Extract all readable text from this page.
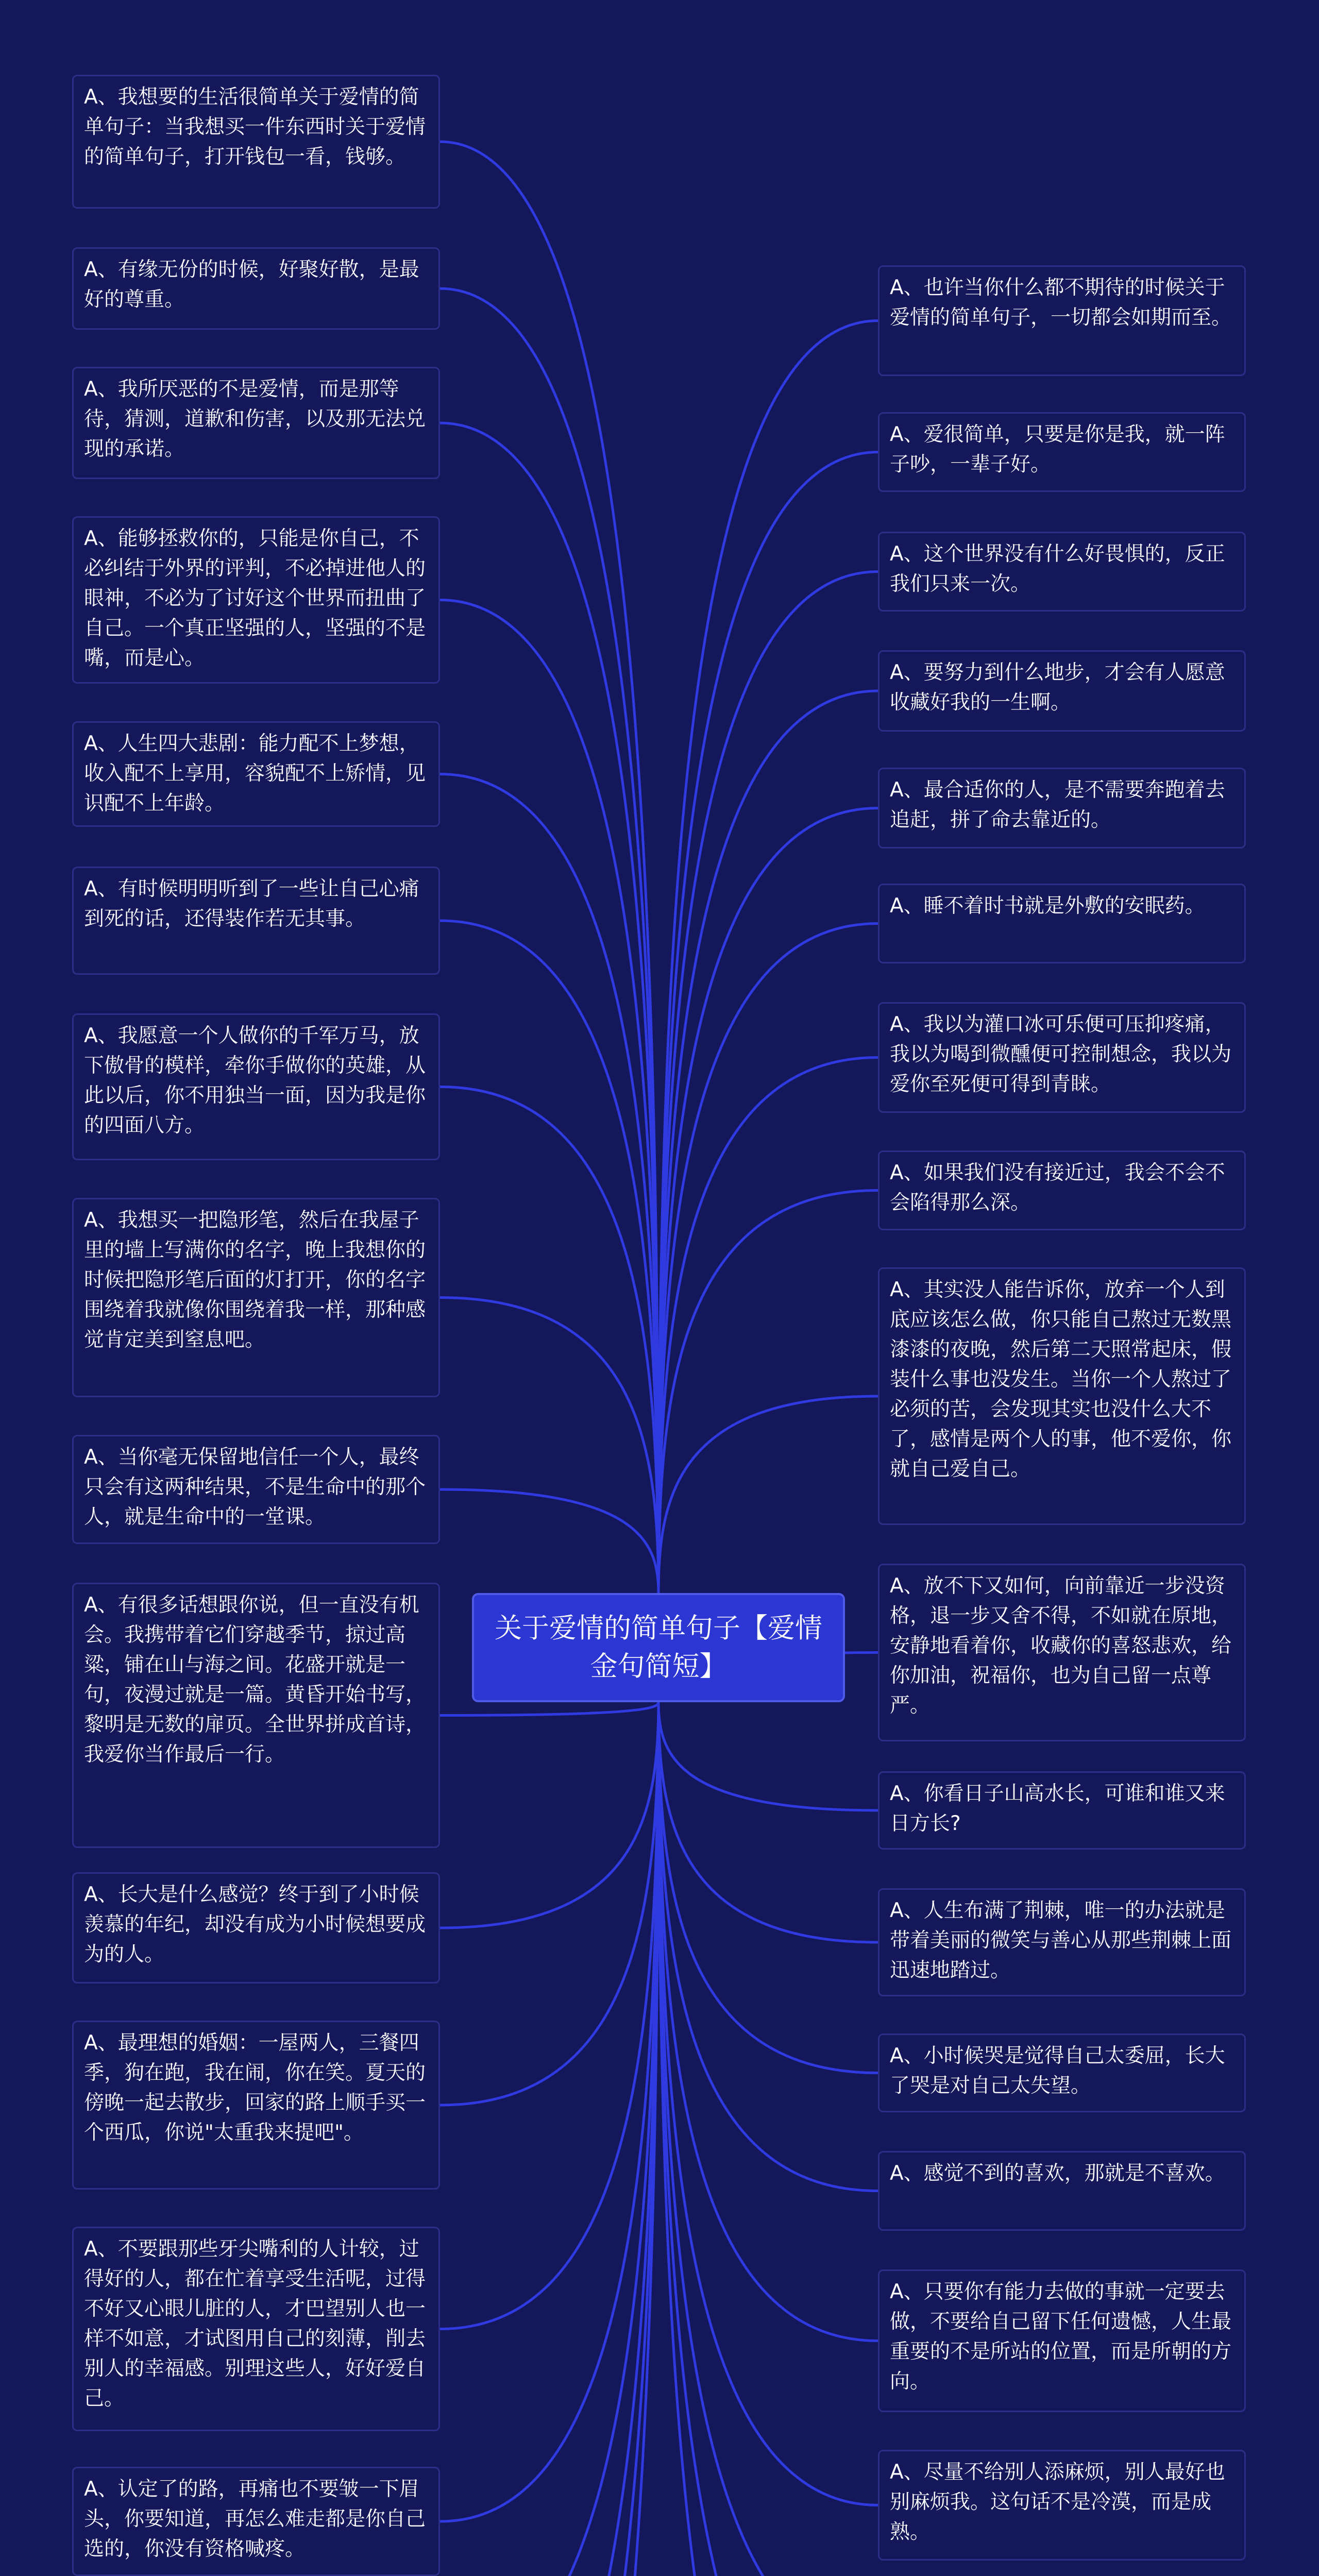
A、我想要的生活很简单关于爱情的简单句子：当我想买一件东西时关于爱情的简单句子，打开钱包一看，钱够。
A、有缘无份的时候，好聚好散，是最好的尊重。
A、我所厌恶的不是爱情，而是那等待，猜测，道歉和伤害，以及那无法兑现的承诺。
A、能够拯救你的，只能是你自己，不必纠结于外界的评判，不必掉进他人的眼神，不必为了讨好这个世界而扭曲了自己。一个真正坚强的人，坚强的不是嘴，而是心。
A、人生四大悲剧：能力配不上梦想，收入配不上享用，容貌配不上矫情，见识配不上年龄。
A、有时候明明听到了一些让自己心痛到死的话，还得装作若无其事。
A、我愿意一个人做你的千军万马，放下傲骨的模样，牵你手做你的英雄，从此以后，你不用独当一面，因为我是你的四面八方。
A、我想买一把隐形笔，然后在我屋子里的墙上写满你的名字，晚上我想你的时候把隐形笔后面的灯打开，你的名字围绕着我就像你围绕着我一样，那种感觉肯定美到窒息吧。
A、当你毫无保留地信任一个人，最终只会有这两种结果，不是生命中的那个人，就是生命中的一堂课。
A、有很多话想跟你说，但一直没有机会。我携带着它们穿越季节，掠过高粱，铺在山与海之间。花盛开就是一句，夜漫过就是一篇。黄昏开始书写，黎明是无数的扉页。全世界拼成首诗，我爱你当作最后一行。
A、长大是什么感觉？终于到了小时候羡慕的年纪，却没有成为小时候想要成为的人。
A、最理想的婚姻：一屋两人，三餐四季，狗在跑，我在闹，你在笑。夏天的傍晚一起去散步，回家的路上顺手买一个西瓜，你说"太重我来提吧"。
A、不要跟那些牙尖嘴利的人计较，过得好的人，都在忙着享受生活呢，过得不好又心眼儿脏的人，才巴望别人也一样不如意，才试图用自己的刻薄，削去别人的幸福感。别理这些人，好好爱自己。
A、认定了的路，再痛也不要皱一下眉头，你要知道，再怎么难走都是你自己选的，你没有资格喊疼。
A、也许当你什么都不期待的时候关于爱情的简单句子，一切都会如期而至。
A、爱很简单，只要是你是我，就一阵子吵，一辈子好。
A、这个世界没有什么好畏惧的，反正我们只来一次。
A、要努力到什么地步，才会有人愿意收藏好我的一生啊。
A、最合适你的人，是不需要奔跑着去追赶，拼了命去靠近的。
A、睡不着时书就是外敷的安眠药。
A、我以为灌口冰可乐便可压抑疼痛，我以为喝到微醺便可控制想念，我以为爱你至死便可得到青睐。
A、如果我们没有接近过，我会不会不会陷得那么深。
A、其实没人能告诉你，放弃一个人到底应该怎么做，你只能自己熬过无数黑漆漆的夜晚，然后第二天照常起床，假装什么事也没发生。当你一个人熬过了必须的苦，会发现其实也没什么大不了，感情是两个人的事，他不爱你，你就自己爱自己。
A、放不下又如何，向前靠近一步没资格，退一步又舍不得，不如就在原地，安静地看着你，收藏你的喜怒悲欢，给你加油，祝福你，也为自己留一点尊严。
A、你看日子山高水长，可谁和谁又来日方长?
A、人生布满了荆棘，唯一的办法就是带着美丽的微笑与善心从那些荆棘上面迅速地踏过。
A、小时候哭是觉得自己太委屈，长大了哭是对自己太失望。
A、感觉不到的喜欢，那就是不喜欢。
A、只要你有能力去做的事就一定要去做，不要给自己留下任何遗憾，人生最重要的不是所站的位置，而是所朝的方向。
A、尽量不给别人添麻烦，别人最好也别麻烦我。这句话不是冷漠，而是成熟。
关于爱情的简单句子【爱情金句简短】
